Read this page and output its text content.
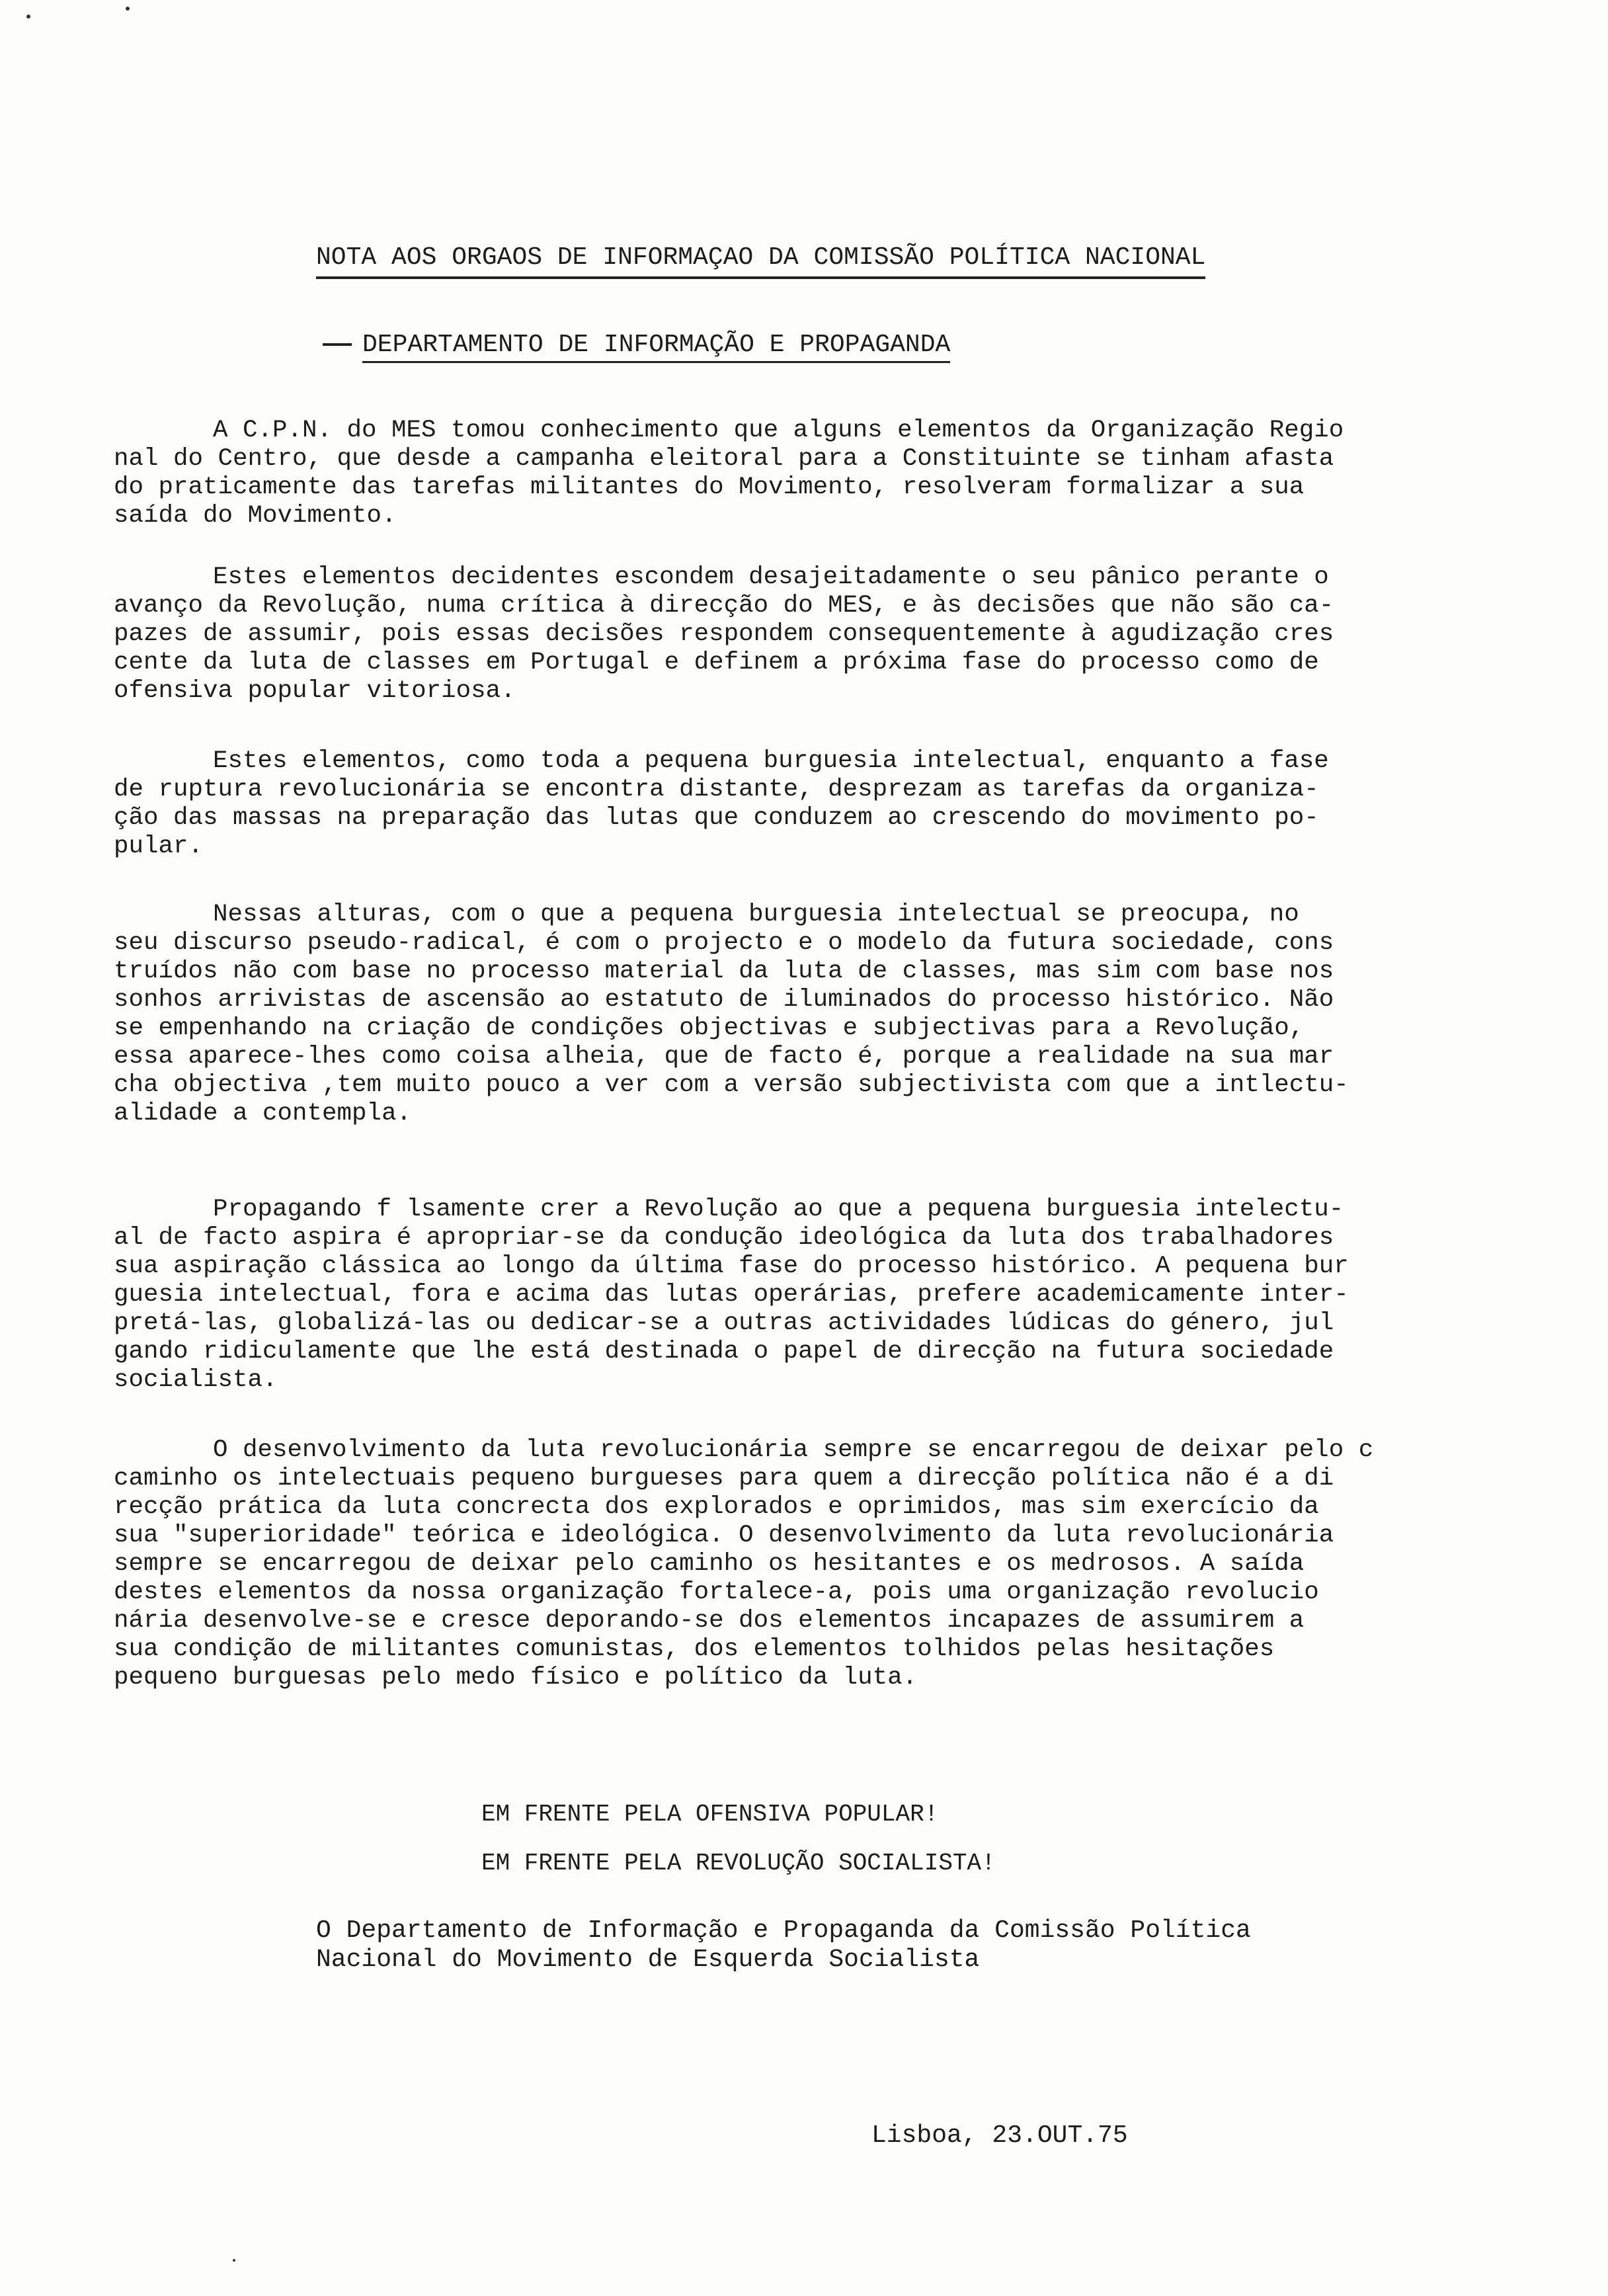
NOTA AOS ORGAOS DE INFORMAÇAO DA COMISSÃO POLÍTICA NACIONAL
DEPARTAMENTO DE INFORMAÇÃO E PROPAGANDA
A C.P.N. do MES tomou conhecimento que alguns elementos da Organização Regio
nal do Centro, que desde a campanha eleitoral para a Constituinte se tinham afasta
do praticamente das tarefas militantes do Movimento, resolveram formalizar a sua
saída do Movimento.
Estes elementos decidentes escondem desajeitadamente o seu pânico perante o
avanço da Revolução, numa crítica à direcção do MES, e às decisões que não são ca-
pazes de assumir, pois essas decisões respondem consequentemente à agudização cres
cente da luta de classes em Portugal e definem a próxima fase do processo como de
ofensiva popular vitoriosa.
Estes elementos, como toda a pequena burguesia intelectual, enquanto a fase
de ruptura revolucionária se encontra distante, desprezam as tarefas da organiza-
ção das massas na preparação das lutas que conduzem ao crescendo do movimento po-
pular.
Nessas alturas, com o que a pequena burguesia intelectual se preocupa, no
seu discurso pseudo-radical, é com o projecto e o modelo da futura sociedade, cons
truídos não com base no processo material da luta de classes, mas sim com base nos
sonhos arrivistas de ascensão ao estatuto de iluminados do processo histórico. Não
se empenhando na criação de condições objectivas e subjectivas para a Revolução,
essa aparece-lhes como coisa alheia, que de facto é, porque a realidade na sua mar
cha objectiva ,tem muito pouco a ver com a versão subjectivista com que a intlectu-
alidade a contempla.
Propagando f lsamente crer a Revolução ao que a pequena burguesia intelectu-
al de facto aspira é apropriar-se da condução ideológica da luta dos trabalhadores
sua aspiração clássica ao longo da última fase do processo histórico. A pequena bur
guesia intelectual, fora e acima das lutas operárias, prefere academicamente inter-
pretá-las, globalizá-las ou dedicar-se a outras actividades lúdicas do género, jul
gando ridiculamente que lhe está destinada o papel de direcção na futura sociedade
socialista.
O desenvolvimento da luta revolucionária sempre se encarregou de deixar pelo c
caminho os intelectuais pequeno burgueses para quem a direcção política não é a di
recção prática da luta concrecta dos explorados e oprimidos, mas sim exercício da
sua "superioridade" teórica e ideológica. O desenvolvimento da luta revolucionária
sempre se encarregou de deixar pelo caminho os hesitantes e os medrosos. A saída
destes elementos da nossa organização fortalece-a, pois uma organização revolucio
nária desenvolve-se e cresce deporando-se dos elementos incapazes de assumirem a
sua condição de militantes comunistas, dos elementos tolhidos pelas hesitações
pequeno burguesas pelo medo físico e político da luta.
EM FRENTE PELA OFENSIVA POPULAR!
EM FRENTE PELA REVOLUÇÃO SOCIALISTA!
O Departamento de Informação e Propaganda da Comissão Política
Nacional do Movimento de Esquerda Socialista
Lisboa, 23.OUT.75
